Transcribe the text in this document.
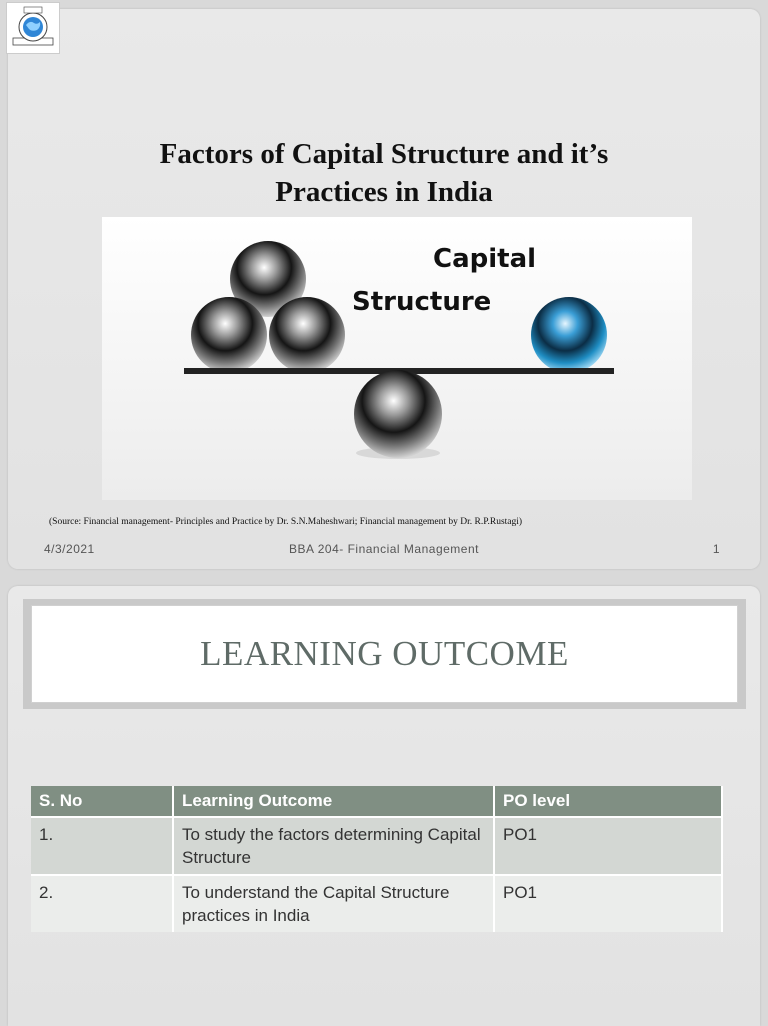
Factors of Capital Structure and it’s
Practices in India
Capital
Structure
(Source: Financial management- Principles and Practice by Dr. S.N.Maheshwari; Financial management by Dr. R.P.Rustagi)
4/3/2021	BBA 204- Financial Management	1
LEARNING OUTCOME
S. No	Learning Outcome	PO level
1.	To study the factors determining Capital Structure	PO1
2.	To understand the Capital Structure practices in India	PO1
